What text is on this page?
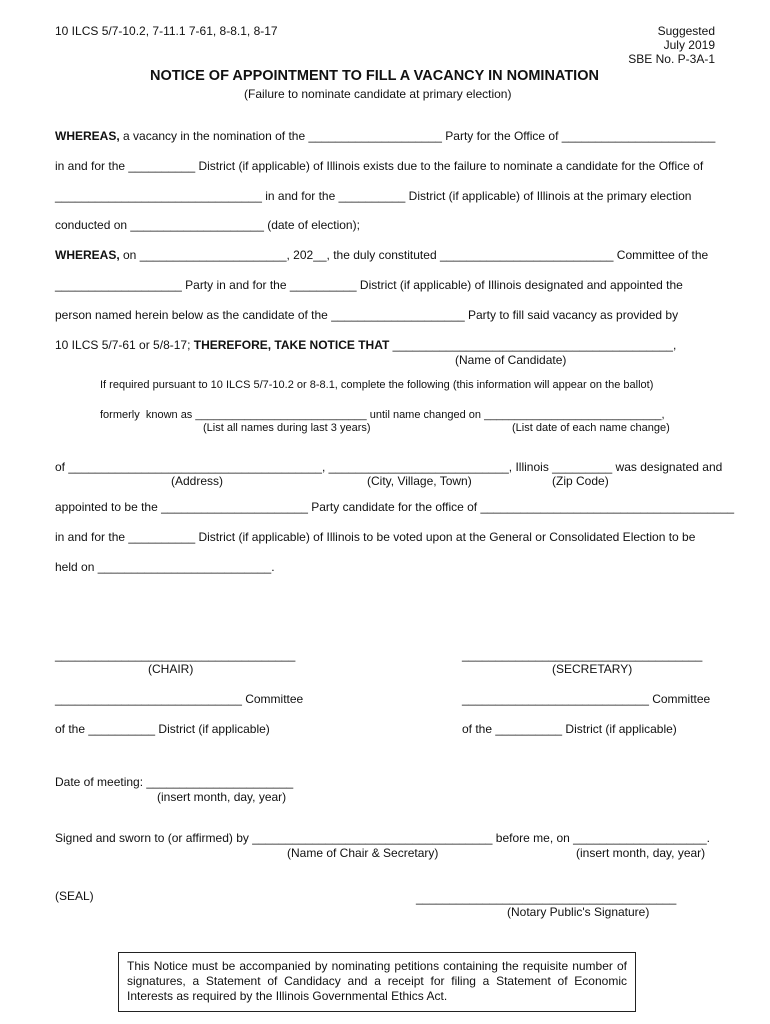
10 ILCS 5/7-10.2, 7-11.1 7-61, 8-8.1, 8-17	Suggested
July 2019
SBE No. P-3A-1
NOTICE OF APPOINTMENT TO FILL A VACANCY IN NOMINATION
(Failure to nominate candidate at primary election)
WHEREAS, a vacancy in the nomination of the ____________________ Party for the Office of _______________________
in and for the __________ District (if applicable) of Illinois exists due to the failure to nominate a candidate for the Office of
_______________________________ in and for the __________ District (if applicable) of Illinois at the primary election
conducted on ____________________ (date of election);
WHEREAS, on ______________________, 202__, the duly constituted __________________________ Committee of the
___________________ Party in and for the __________ District (if applicable) of Illinois designated and appointed the
person named herein below as the candidate of the ____________________ Party to fill said vacancy as provided by
10 ILCS 5/7-61 or 5/8-17; THEREFORE, TAKE NOTICE THAT __________________________________________,
(Name of Candidate)
If required pursuant to 10 ILCS 5/7-10.2 or 8-8.1, complete the following (this information will appear on the ballot)
formerly  known as ____________________________ until name changed on _____________________________,
(List all names during last 3 years)	(List date of each name change)
of ______________________________________, ___________________________, Illinois _________ was designated and
(Address)	(City, Village, Town)	(Zip Code)
appointed to be the ______________________ Party candidate for the office of ______________________________________
in and for the __________ District (if applicable) of Illinois to be voted upon at the General or Consolidated Election to be
held on __________________________.
____________________________________
(CHAIR)
____________________________________
(SECRETARY)
____________________________ Committee	____________________________ Committee
of the __________ District (if applicable)	of the __________ District (if applicable)
Date of meeting: ______________________
(insert month, day, year)
Signed and sworn to (or affirmed) by ____________________________________ before me, on ____________________.
(Name of Chair & Secretary)	(insert month, day, year)
(SEAL)	_______________________________________
(Notary Public's Signature)

This Notice must be accompanied by nominating petitions containing the requisite number of signatures, a Statement of Candidacy and a receipt for filing a Statement of Economic Interests as required by the Illinois Governmental Ethics Act.
